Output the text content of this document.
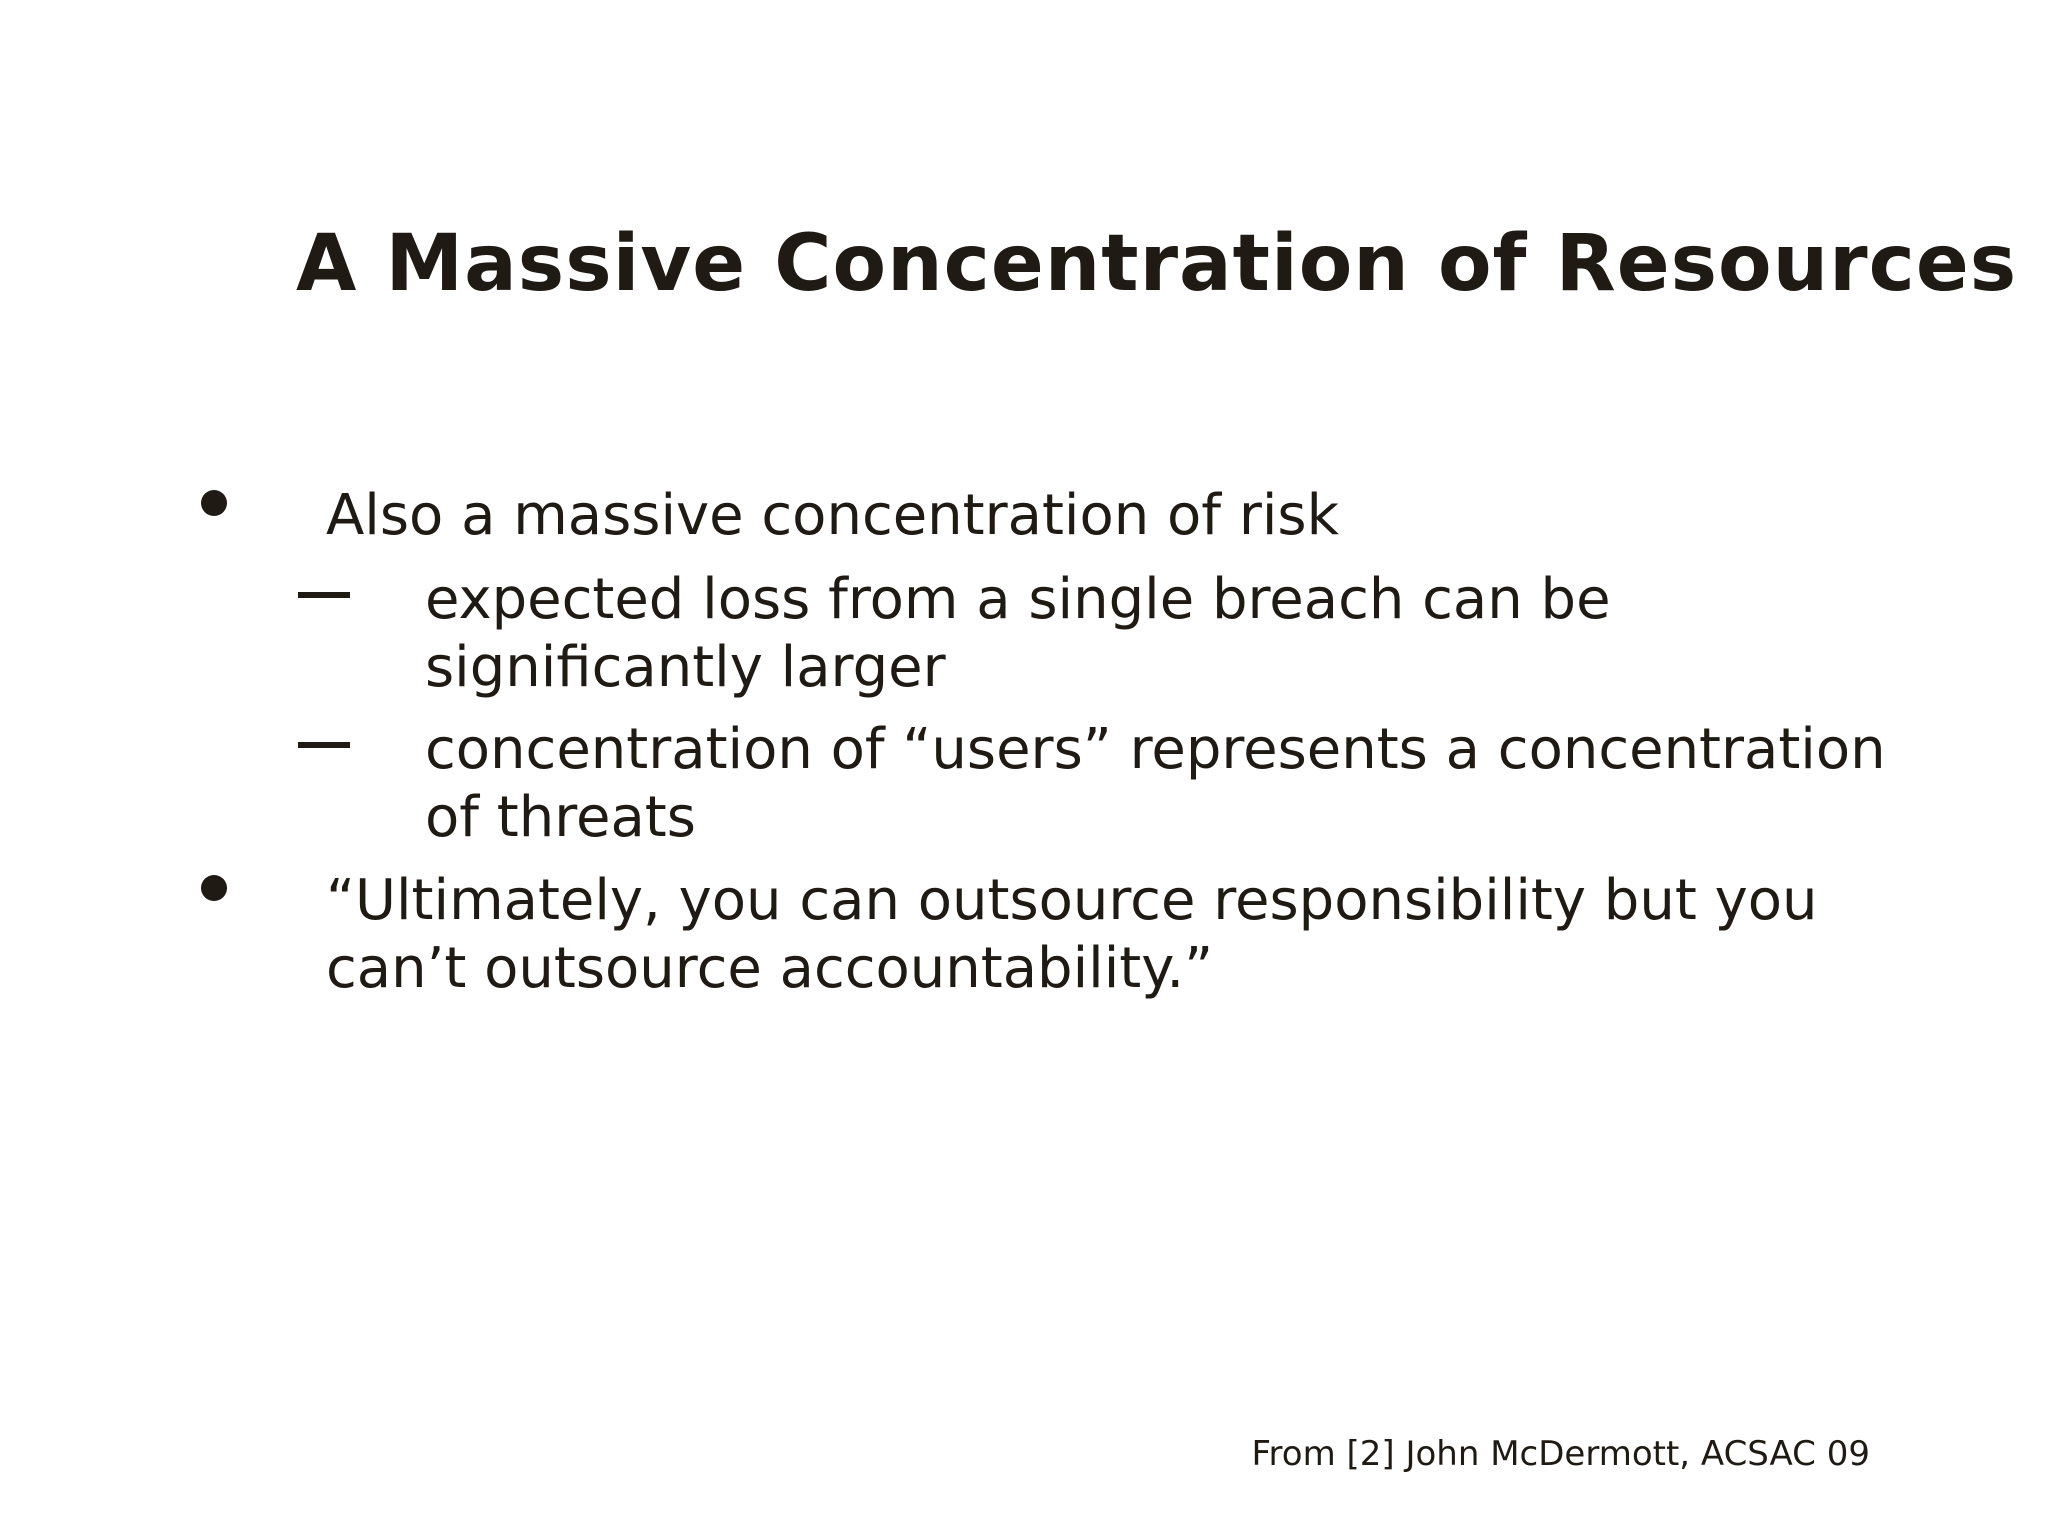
A Massive Concentration of Resources
Also a massive concentration of risk
expected loss from a single breach can be significantly larger
concentration of “users” represents a concentration of threats
“Ultimately, you can outsource responsibility but you can’t outsource accountability.”
From [2] John McDermott, ACSAC 09
